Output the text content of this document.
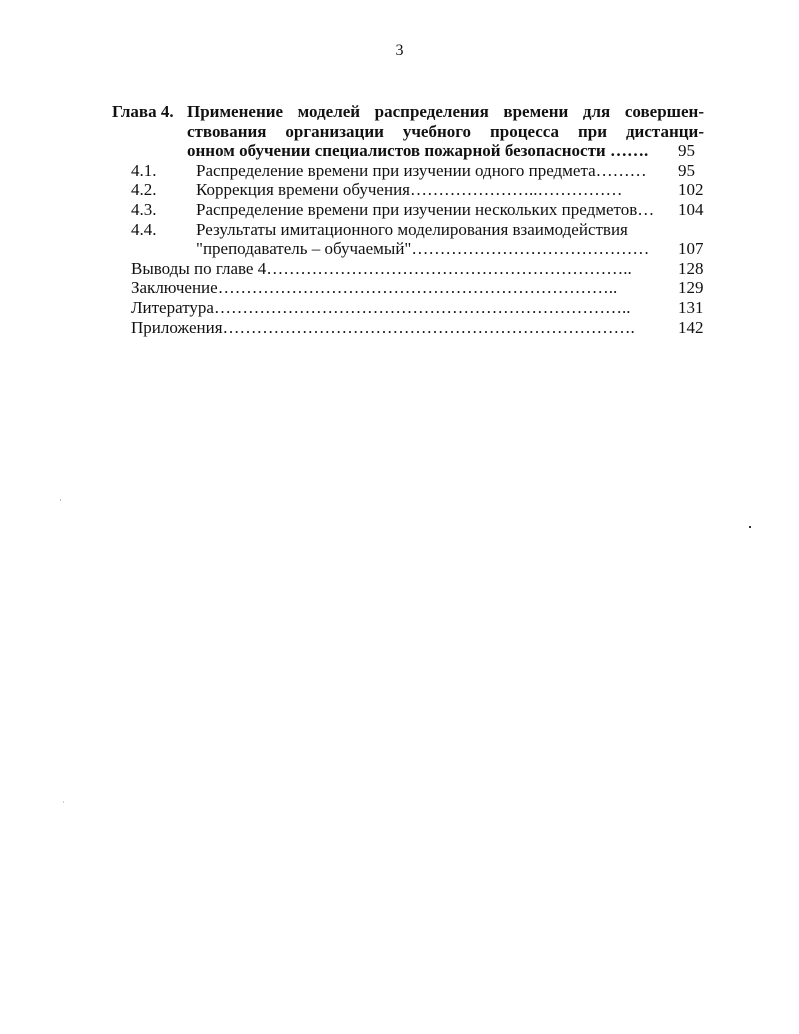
3
Глава 4. Применение моделей распределения времени для совершен-
ствования организации учебного процесса при дистанци-
онном обучении специалистов пожарной безопасности …….	95
4.1. Распределение времени при изучении одного предмета……… 95
4.2. Коррекция времени обучения…………………..……………	102
4.3. Распределение времени при изучении нескольких предметов… 104
4.4. Результаты имитационного моделирования взаимодействия
"преподаватель – обучаемый"…………………………………… 107
Выводы по главе 4………………………………………………………..	128
Заключение……………………………………………………………..	129
Литература………………………………………………………………..	131
Приложения……………………………………………………………….	142
